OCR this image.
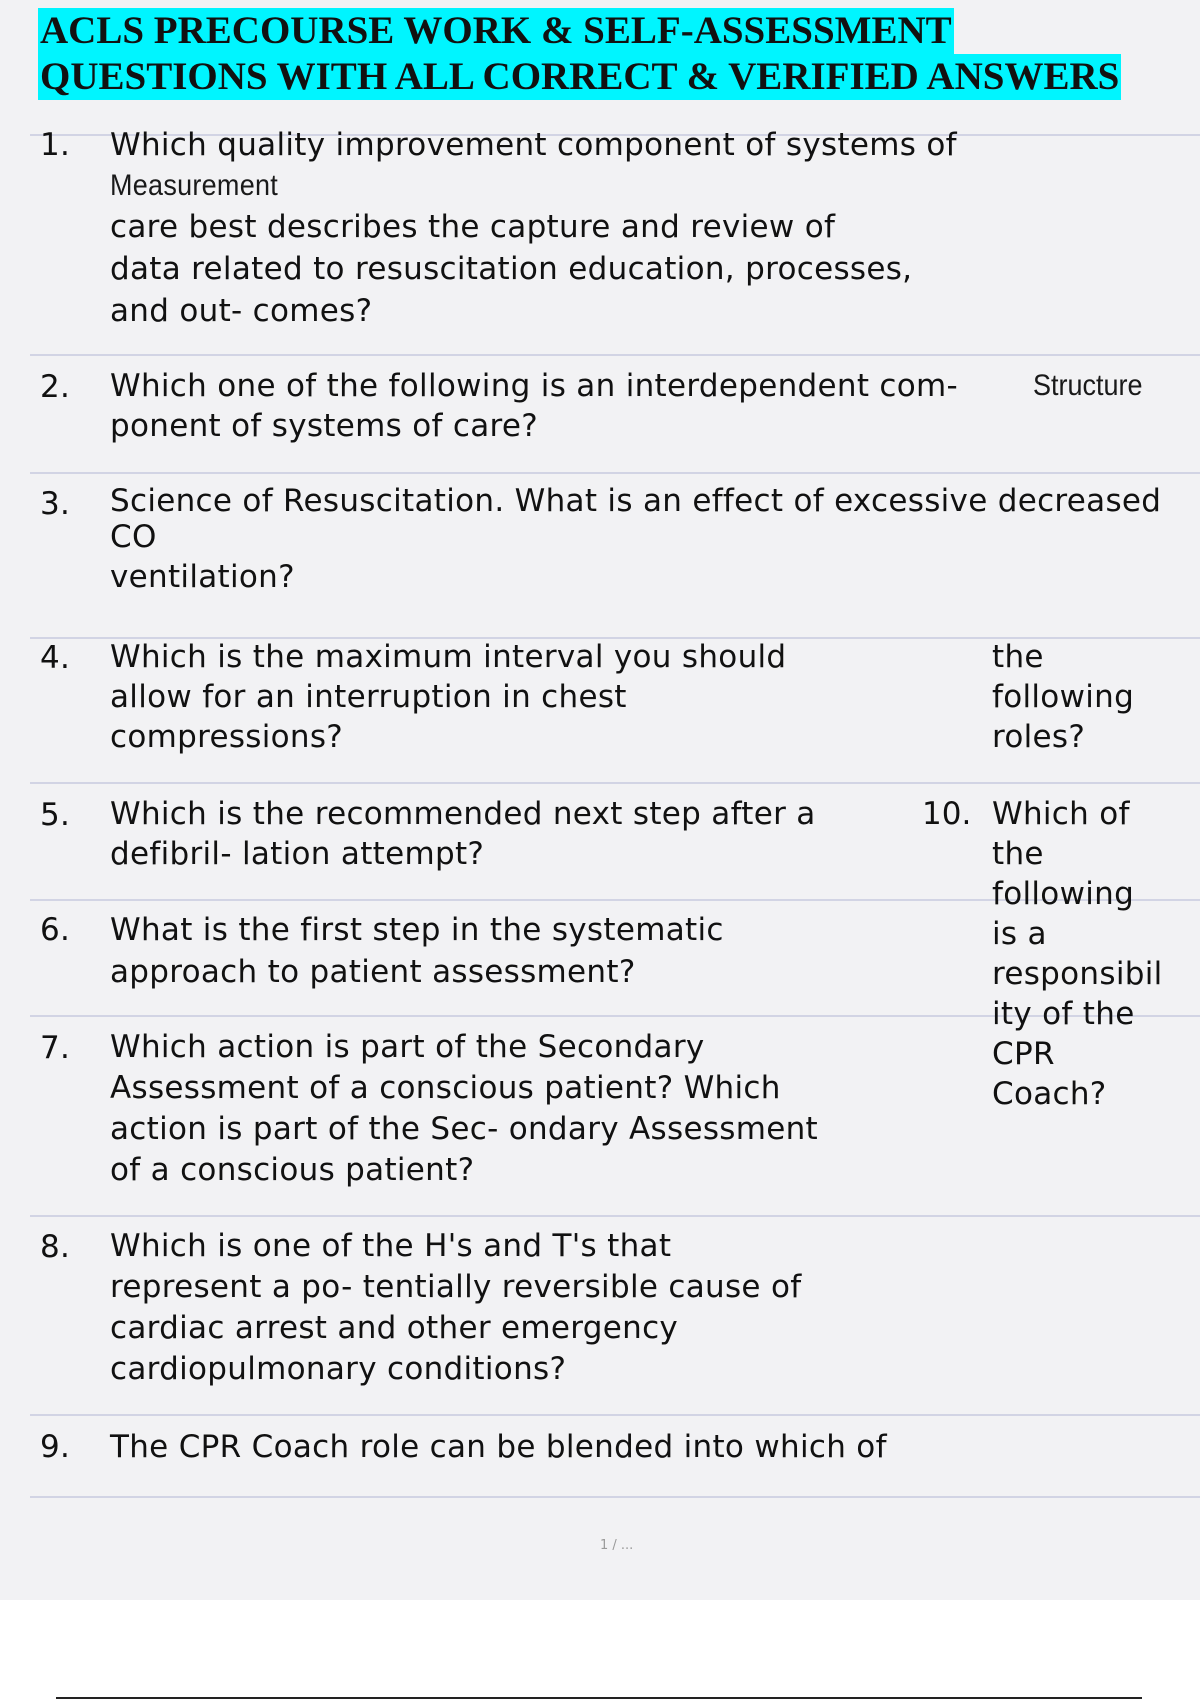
ACLS PRECOURSE WORK & SELF-ASSESSMENT
QUESTIONS WITH ALL CORRECT & VERIFIED ANSWERS
1. Which quality improvement component of systems of
Measurement
care best describes the capture and review of
data related to resuscitation education, processes,
and out- comes?
2. Which one of the following is an interdependent com-
ponent of systems of care?
Structure
3. Science of Resuscitation. What is an effect of excessive decreased
CO
ventilation?
4. Which is the maximum interval you should
allow for an interruption in chest
compressions?
5. Which is the recommended next step after a
defibril- lation attempt?
6. What is the first step in the systematic
approach to patient assessment?
7. Which action is part of the Secondary
Assessment of a conscious patient? Which
action is part of the Sec- ondary Assessment
of a conscious patient?
8. Which is one of the H's and T's that
represent a po- tentially reversible cause of
cardiac arrest and other emergency
cardiopulmonary conditions?
9. The CPR Coach role can be blended into which of
the
following
roles?
10. Which of
the
following
is a
responsibil
ity of the
CPR
Coach?
1 / ...
